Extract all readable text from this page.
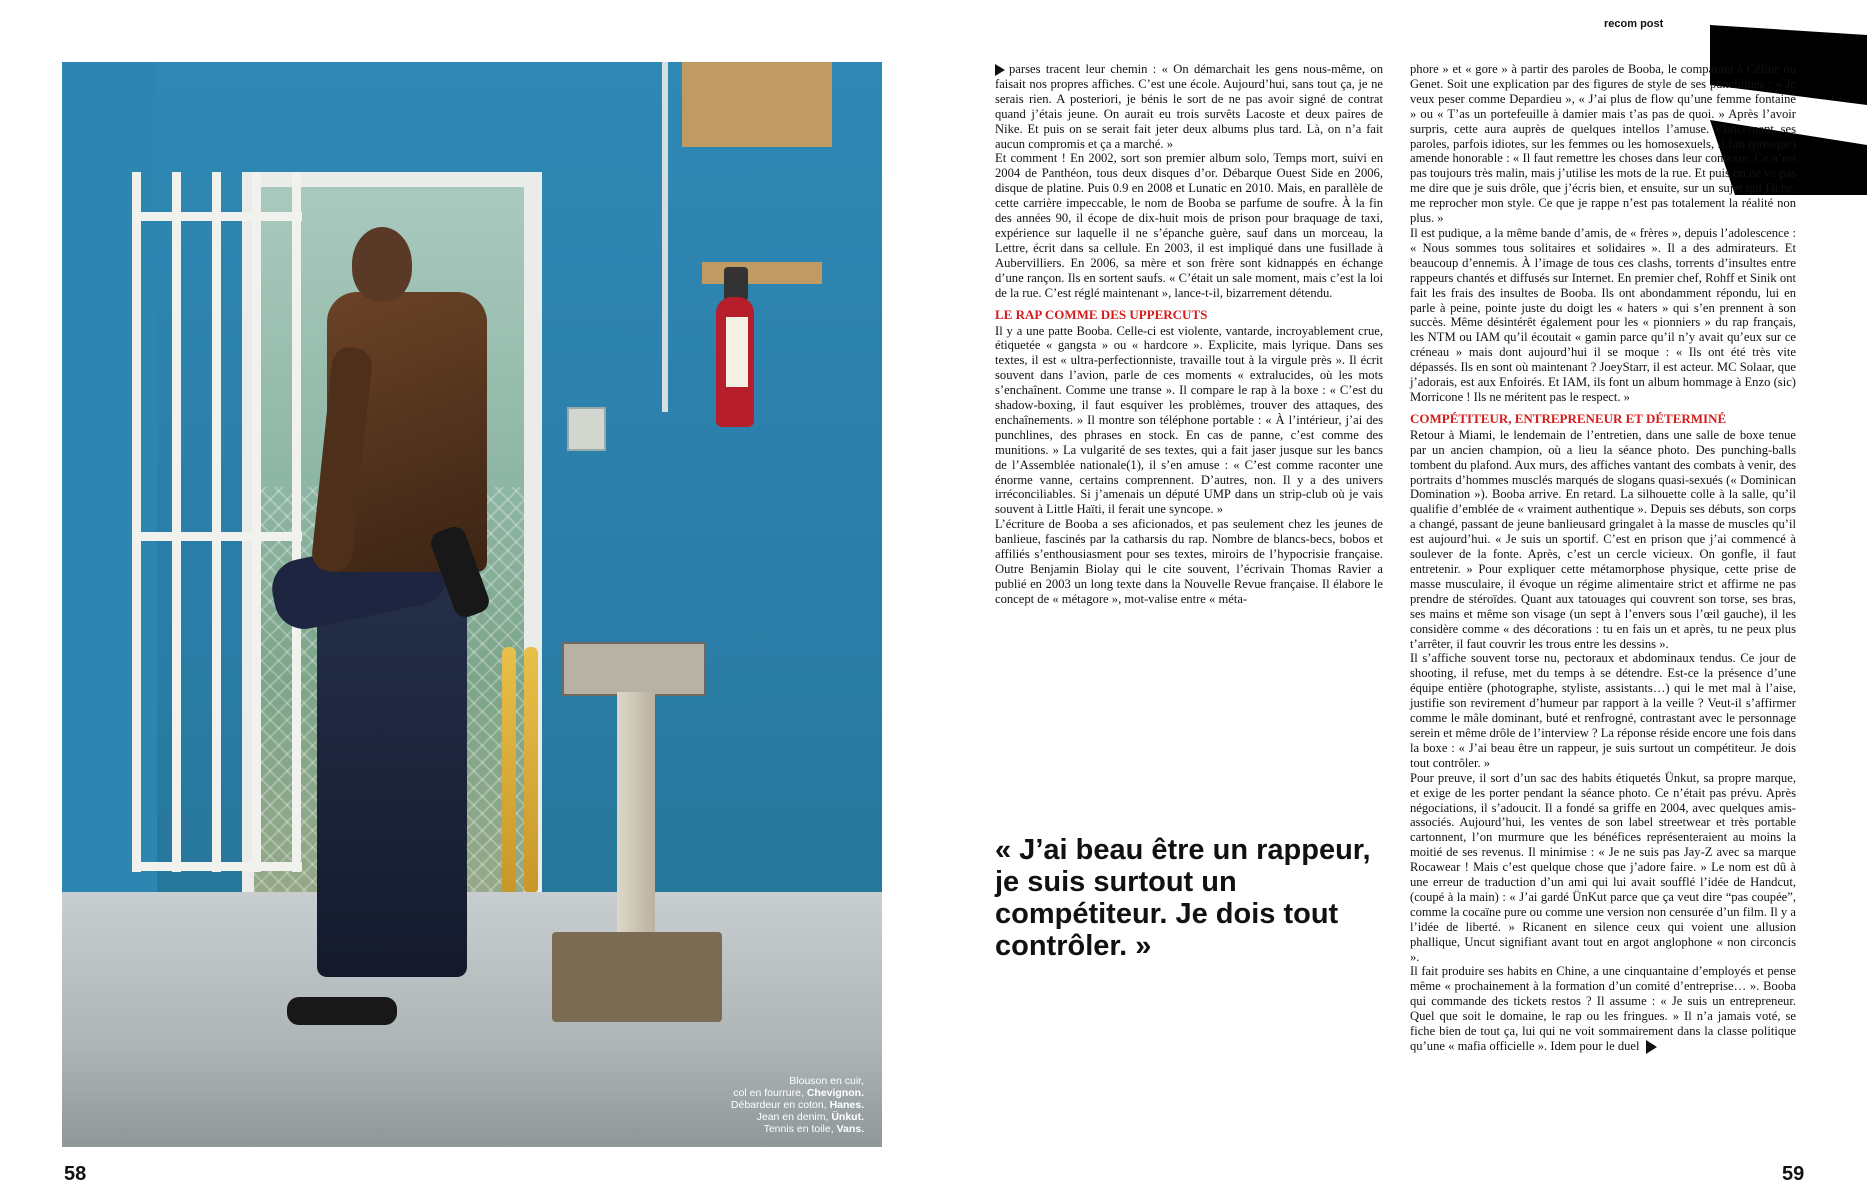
Blouson en cuir,
col en fourrure, Chevignon.
Débardeur en coton, Hanes.
Jean en denim, Ünkut.
Tennis en toile, Vans.
58
recom post

parses tracent leur chemin : « On démarchait les gens nous-même, on faisait nos propres affiches. C’est une école. Aujourd’hui, sans tout ça, je ne serais rien. A posteriori, je bénis le sort de ne pas avoir signé de contrat quand j’étais jeune. On aurait eu trois survêts Lacoste et deux paires de Nike. Et puis on se serait fait jeter deux albums plus tard. Là, on n’a fait aucun compromis et ça a marché. »

Et comment ! En 2002, sort son premier album solo, Temps mort, suivi en 2004 de Panthéon, tous deux disques d’or. Débarque Ouest Side en 2006, disque de platine. Puis 0.9 en 2008 et Lunatic en 2010. Mais, en parallèle de cette carrière impeccable, le nom de Booba se parfume de soufre. À la fin des années 90, il écope de dix-huit mois de prison pour braquage de taxi, expérience sur laquelle il ne s’épanche guère, sauf dans un morceau, la Lettre, écrit dans sa cellule. En 2003, il est impliqué dans une fusillade à Aubervilliers. En 2006, sa mère et son frère sont kidnappés en échange d’une rançon. Ils en sortent saufs. « C’était un sale moment, mais c’est la loi de la rue. C’est réglé maintenant », lance-t-il, bizarrement détendu.

LE RAP COMME DES UPPERCUTS

Il y a une patte Booba. Celle-ci est violente, vantarde, incroyablement crue, étiquetée « gangsta » ou « hardcore ». Explicite, mais lyrique. Dans ses textes, il est « ultra-perfectionniste, travaille tout à la virgule près ». Il écrit souvent dans l’avion, parle de ces moments « extralucides, où les mots s’enchaînent. Comme une transe ». Il compare le rap à la boxe : « C’est du shadow-boxing, il faut esquiver les problèmes, trouver des attaques, des enchaînements. » Il montre son téléphone portable : « À l’intérieur, j’ai des punchlines, des phrases en stock. En cas de panne, c’est comme des munitions. » La vulgarité de ses textes, qui a fait jaser jusque sur les bancs de l’Assemblée nationale(1), il s’en amuse : « C’est comme raconter une énorme vanne, certains comprennent. D’autres, non. Il y a des univers irréconciliables. Si j’amenais un député UMP dans un strip-club où je vais souvent à Little Haïti, il ferait une syncope. »

L’écriture de Booba a ses aficionados, et pas seulement chez les jeunes de banlieue, fascinés par la catharsis du rap. Nombre de blancs-becs, bobos et affiliés s’enthousiasment pour ses textes, miroirs de l’hypocrisie française. Outre Benjamin Biolay qui le cite souvent, l’écrivain Thomas Ravier a publié en 2003 un long texte dans la Nouvelle Revue française. Il élabore le concept de « métagore », mot-valise entre « méta-

« J’ai beau être un rappeur, je suis surtout un compétiteur. Je dois tout contrôler. »

phore » et « gore » à partir des paroles de Booba, le comparant à Céline ou Genet. Soit une explication par des figures de style de ses punchlines : « Je veux peser comme Depardieu », « J’ai plus de flow qu’une femme fontaine » ou « T’as un portefeuille à damier mais t’as pas de quoi. » Après l’avoir surpris, cette aura auprès de quelques intellos l’amuse. Concernant ses paroles, parfois idiotes, sur les femmes ou les homosexuels, il fait (presque) amende honorable : « Il faut remettre les choses dans leur contexte. Ce n’est pas toujours très malin, mais j’utilise les mots de la rue. Et puis on ne va pas me dire que je suis drôle, que j’écris bien, et ensuite, sur un sujet qui fâche, me reprocher mon style. Ce que je rappe n’est pas totalement la réalité non plus. »

Il est pudique, a la même bande d’amis, de « frères », depuis l’adolescence : « Nous sommes tous solitaires et solidaires ». Il a des admirateurs. Et beaucoup d’ennemis. À l’image de tous ces clashs, torrents d’insultes entre rappeurs chantés et diffusés sur Internet. En premier chef, Rohff et Sinik ont fait les frais des insultes de Booba. Ils ont abondamment répondu, lui en parle à peine, pointe juste du doigt les « haters » qui s’en prennent à son succès. Même désintérêt également pour les « pionniers » du rap français, les NTM ou IAM qu’il écoutait « gamin parce qu’il n’y avait qu’eux sur ce créneau » mais dont aujourd’hui il se moque : « Ils ont été très vite dépassés. Ils en sont où maintenant ? JoeyStarr, il est acteur. MC Solaar, que j’adorais, est aux Enfoirés. Et IAM, ils font un album hommage à Enzo (sic) Morricone ! Ils ne méritent pas le respect. »

COMPÉTITEUR, ENTREPRENEUR ET DÉTERMINÉ

Retour à Miami, le lendemain de l’entretien, dans une salle de boxe tenue par un ancien champion, où a lieu la séance photo. Des punching-balls tombent du plafond. Aux murs, des affiches vantant des combats à venir, des portraits d’hommes musclés marqués de slogans quasi-sexués (« Dominican Domination »). Booba arrive. En retard. La silhouette colle à la salle, qu’il qualifie d’emblée de « vraiment authentique ». Depuis ses débuts, son corps a changé, passant de jeune banlieusard gringalet à la masse de muscles qu’il est aujourd’hui. « Je suis un sportif. C’est en prison que j’ai commencé à soulever de la fonte. Après, c’est un cercle vicieux. On gonfle, il faut entretenir. » Pour expliquer cette métamorphose physique, cette prise de masse musculaire, il évoque un régime alimentaire strict et affirme ne pas prendre de stéroïdes. Quant aux tatouages qui couvrent son torse, ses bras, ses mains et même son visage (un sept à l’envers sous l’œil gauche), il les considère comme « des décorations : tu en fais un et après, tu ne peux plus t’arrêter, il faut couvrir les trous entre les dessins ».

Il s’affiche souvent torse nu, pectoraux et abdominaux tendus. Ce jour de shooting, il refuse, met du temps à se détendre. Est-ce la présence d’une équipe entière (photographe, styliste, assistants…) qui le met mal à l’aise, justifie son revirement d’humeur par rapport à la veille ? Veut-il s’affirmer comme le mâle dominant, buté et renfrogné, contrastant avec le personnage serein et même drôle de l’interview ? La réponse réside encore une fois dans la boxe : « J’ai beau être un rappeur, je suis surtout un compétiteur. Je dois tout contrôler. »

Pour preuve, il sort d’un sac des habits étiquetés Ünkut, sa propre marque, et exige de les porter pendant la séance photo. Ce n’était pas prévu. Après négociations, il s’adoucit. Il a fondé sa griffe en 2004, avec quelques amis-associés. Aujourd’hui, les ventes de son label streetwear et très portable cartonnent, l’on murmure que les bénéfices représenteraient au moins la moitié de ses revenus. Il minimise : « Je ne suis pas Jay-Z avec sa marque Rocawear ! Mais c’est quelque chose que j’adore faire. » Le nom est dû à une erreur de traduction d’un ami qui lui avait soufflé l’idée de Handcut, (coupé à la main) : « J’ai gardé ÜnKut parce que ça veut dire “pas coupée”, comme la cocaïne pure ou comme une version non censurée d’un film. Il y a l’idée de liberté. » Ricanent en silence ceux qui voient une allusion phallique, Uncut signifiant avant tout en argot anglophone « non circoncis ».

Il fait produire ses habits en Chine, a une cinquantaine d’employés et pense même « prochainement à la formation d’un comité d’entreprise… ». Booba qui commande des tickets restos ? Il assume : « Je suis un entrepreneur. Quel que soit le domaine, le rap ou les fringues. » Il n’a jamais voté, se fiche bien de tout ça, lui qui ne voit sommairement dans la classe politique qu’une « mafia officielle ». Idem pour le duel

59
